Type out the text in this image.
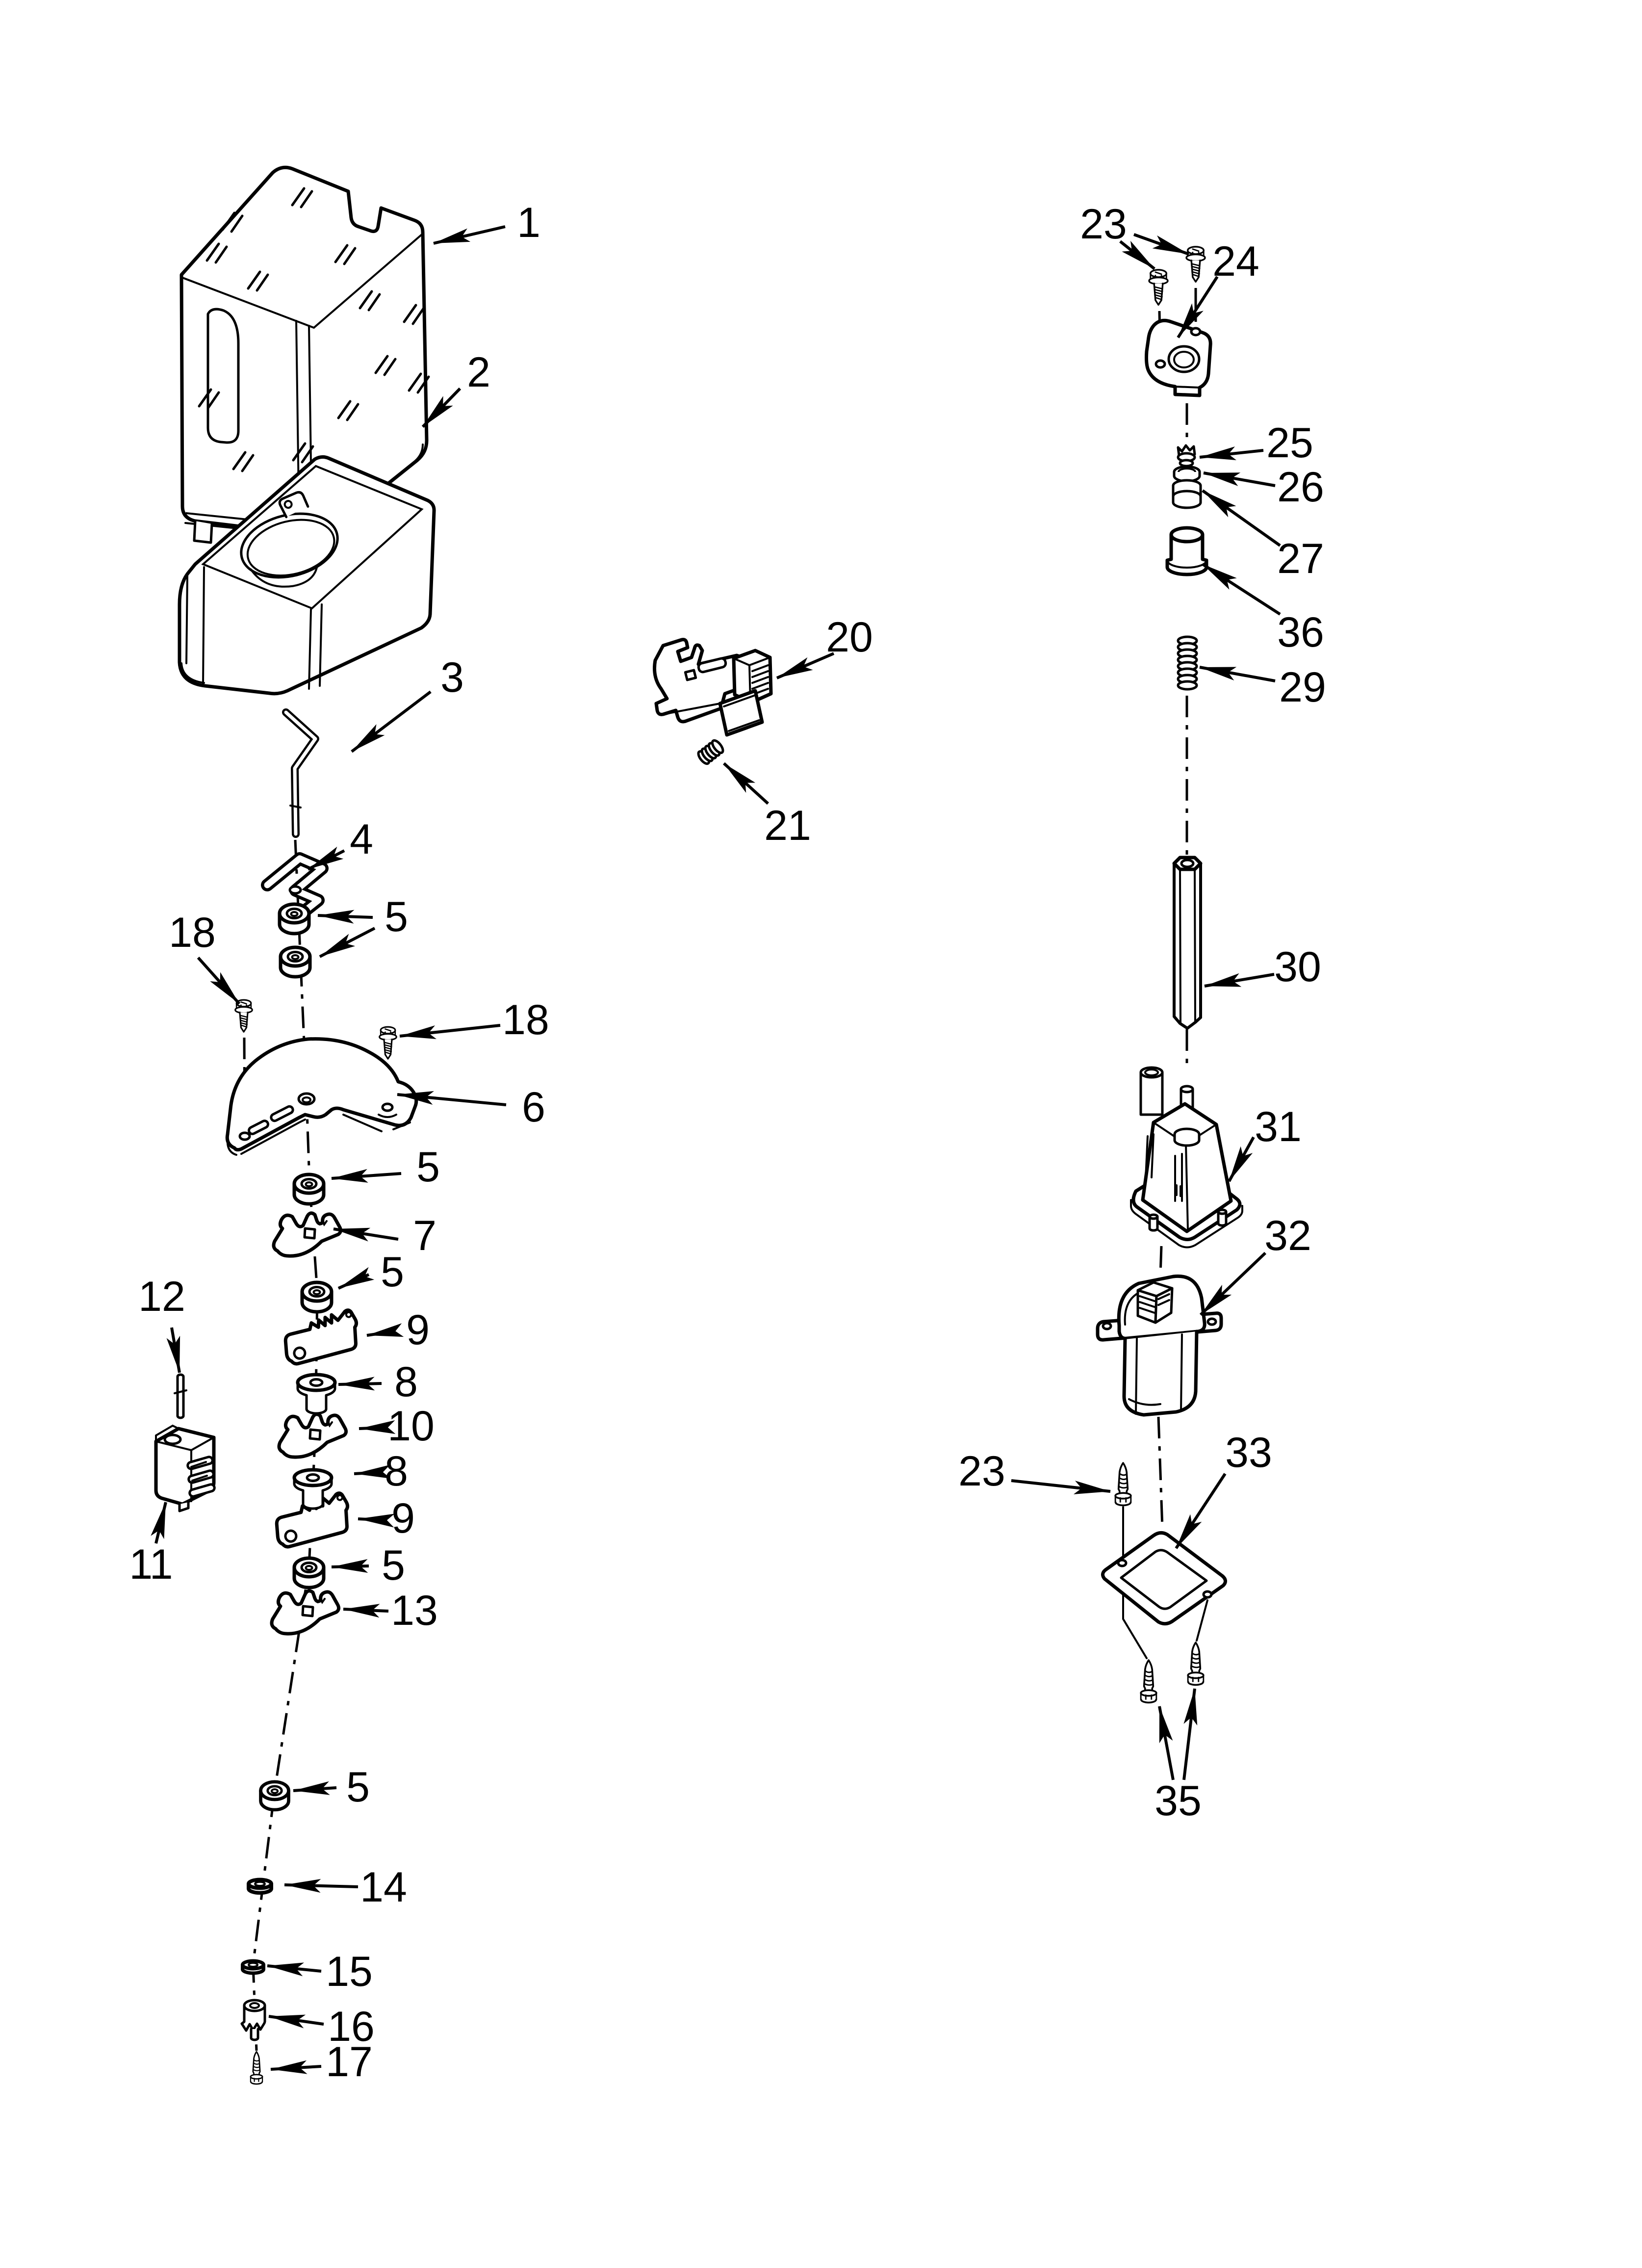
1
2
3
4
5
18
18
6
5
7
5
9
8
10
8
9
5
13
12
11
5
14
15
16
17
20
21
23
24
25
26
27
36
29
30
31
32
23	33
35
